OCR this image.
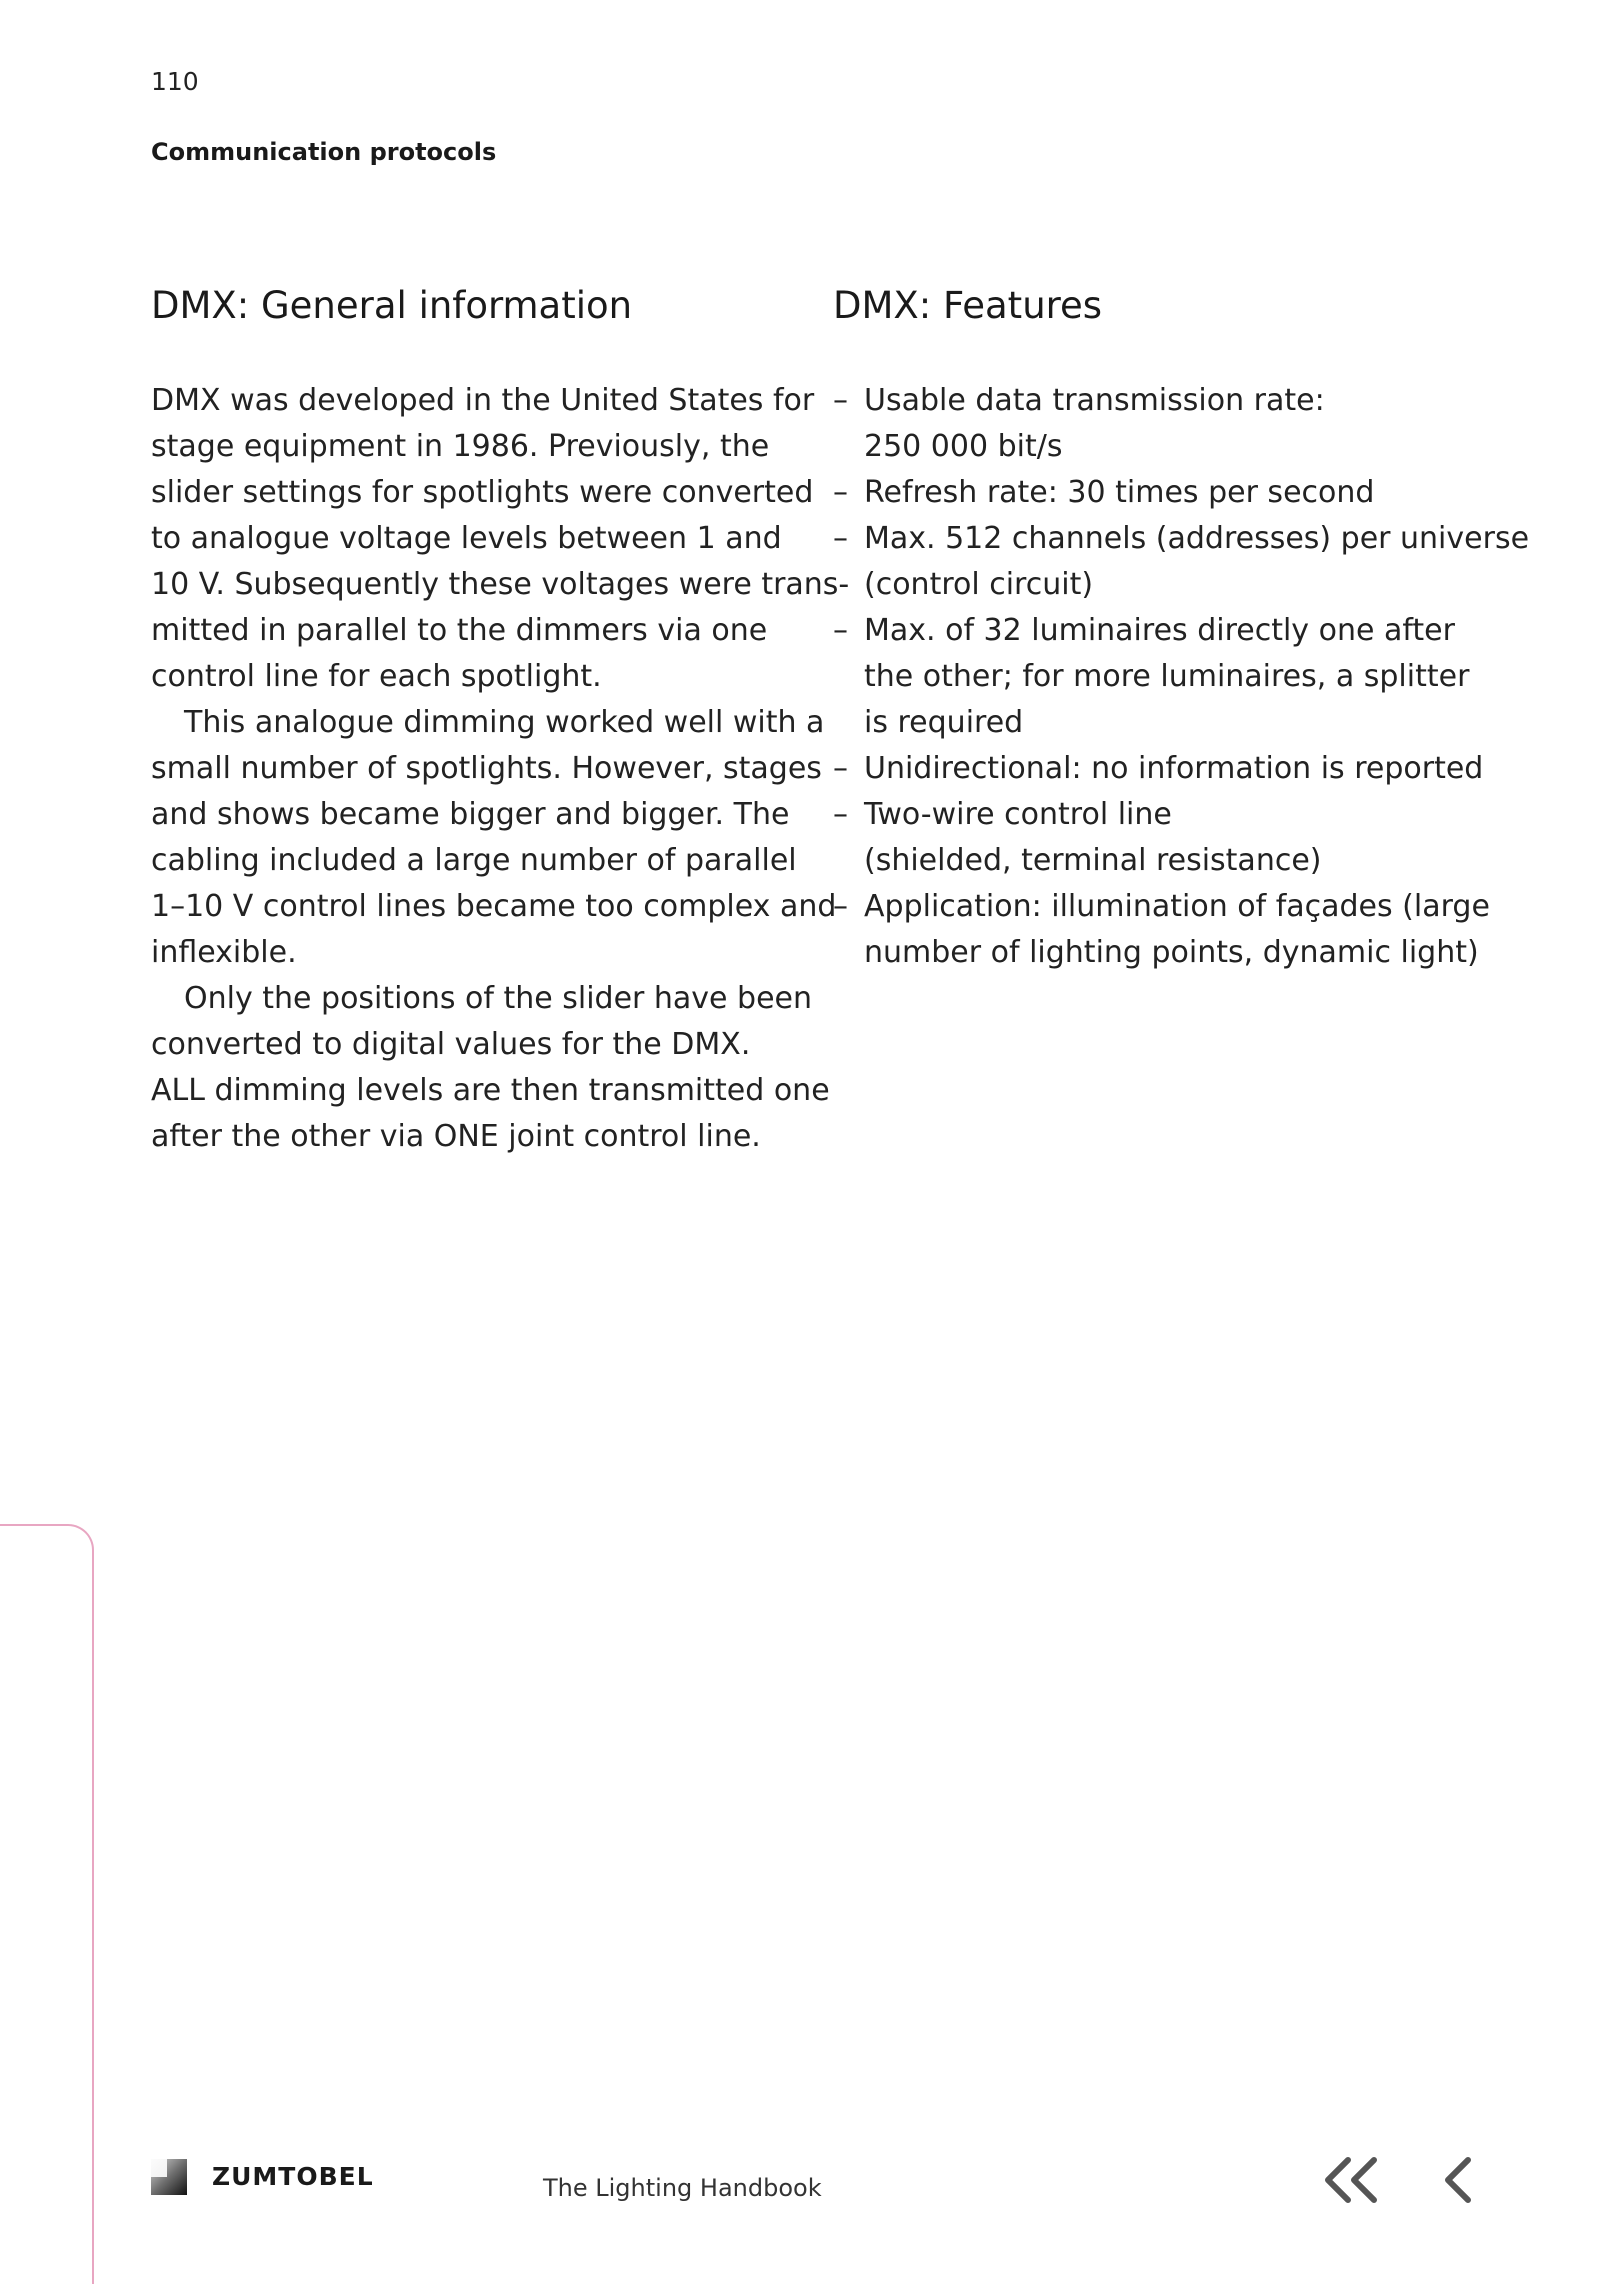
110
Communication protocols
DMX: General information

DMX was developed in the United States for
stage equipment in 1986. Previously, the
slider settings for spotlights were converted
to analogue voltage levels between 1 and
10 V. Subsequently these voltages were trans-
mitted in parallel to the dimmers via one
control line for each spotlight.

This analogue dimming worked well with a
small number of spotlights. However, stages
and shows became bigger and bigger. The
cabling included a large number of parallel
1–10 V control lines became too complex and
inflexible.

Only the positions of the slider have been
converted to digital values for the DMX.
ALL dimming levels are then transmitted one
after the other via ONE joint control line.

DMX: Features
– Usable data transmission rate:
250 000 bit/s
– Refresh rate: 30 times per second
– Max. 512 channels (addresses) per universe
(control circuit)
– Max. of 32 luminaires directly one after
the other; for more luminaires, a splitter
is required
– Unidirectional: no information is reported
– Two-wire control line
(shielded, terminal resistance)
– Application: illumination of façades (large
number of lighting points, dynamic light)
ZUMTOBEL	The Lighting Handbook
